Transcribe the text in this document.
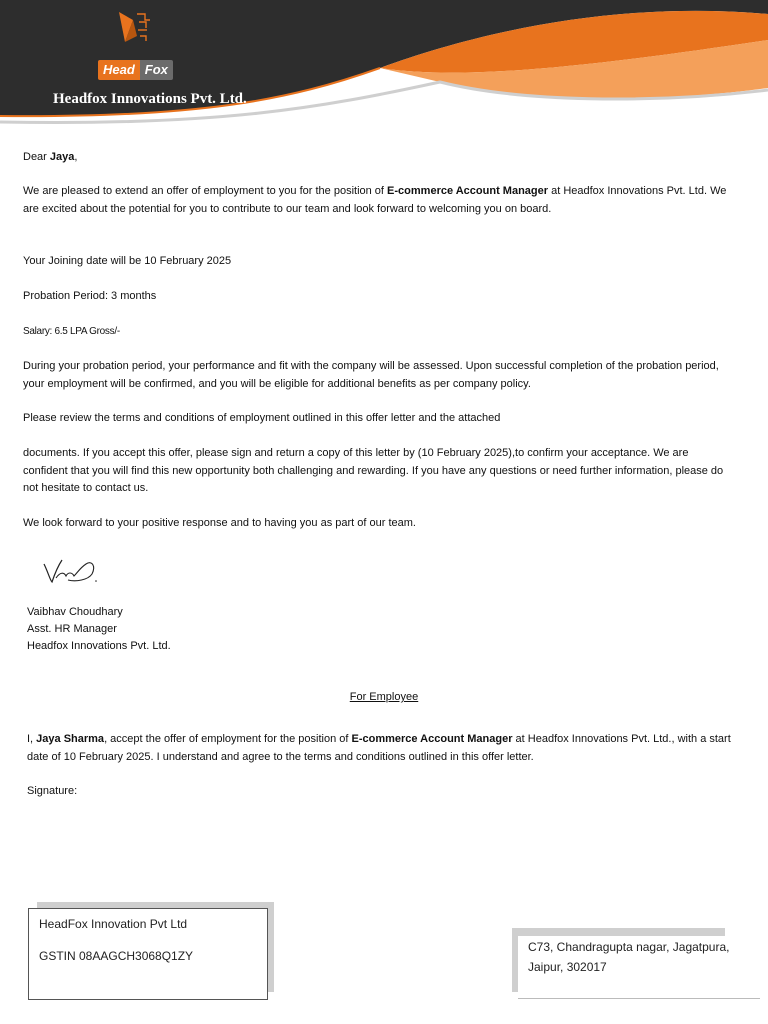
Head Fox
Headfox Innovations Pvt. Ltd.
Dear Jaya,
We are pleased to extend an offer of employment to you for the position of E-commerce Account Manager at Headfox Innovations Pvt. Ltd. We are excited about the potential for you to contribute to our team and look forward to welcoming you on board.
Your Joining date will be 10 February 2025
Probation Period: 3 months
Salary: 6.5 LPA Gross/-
During your probation period, your performance and fit with the company will be assessed. Upon successful completion of the probation period, your employment will be confirmed, and you will be eligible for additional benefits as per company policy.
Please review the terms and conditions of employment outlined in this offer letter and the attached
documents. If you accept this offer, please sign and return a copy of this letter by (10 February 2025),to confirm your acceptance. We are confident that you will find this new opportunity both challenging and rewarding. If you have any questions or need further information, please do not hesitate to contact us.
We look forward to your positive response and to having you as part of our team.
Vaibhav Choudhary
Asst. HR Manager
Headfox Innovations Pvt. Ltd.
For Employee
I, Jaya Sharma, accept the offer of employment for the position of E-commerce Account Manager at Headfox Innovations Pvt. Ltd., with a start date of 10 February 2025. I understand and agree to the terms and conditions outlined in this offer letter.
Signature:
HeadFox Innovation Pvt Ltd
GSTIN 08AAGCH3068Q1ZY
C73, Chandragupta nagar, Jagatpura,
Jaipur, 302017
